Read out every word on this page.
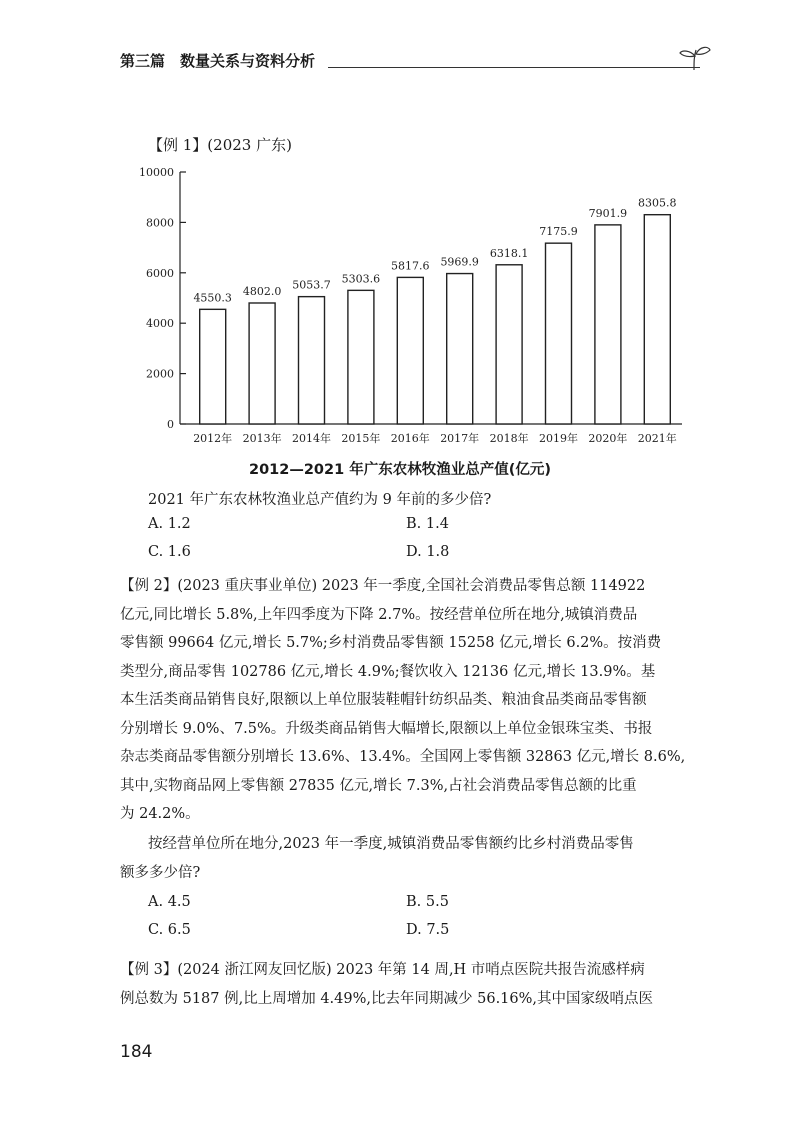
第三篇 数量关系与资料分析
【例 1】(2023 广东)
0
2000
4000
6000
8000
10000
4550.3 4802.0 5053.7 5303.6
5817.6 5969.9
6318.1
7175.9
7901.9
8305.8
2012年 2013年 2014年 2015年 2016年 2017年 2018年 2019年 2020年 2021年
2012—2021 年广东农林牧渔业总产值(亿元)
2021 年广东农林牧渔业总产值约为 9 年前的多少倍?
A. 1.2	B. 1.4
C. 1.6	D. 1.8
【例 2】(2023 重庆事业单位) 2023 年一季度,全国社会消费品零售总额 114922
亿元,同比增长 5.8%,上年四季度为下降 2.7%。按经营单位所在地分,城镇消费品
零售额 99664 亿元,增长 5.7%;乡村消费品零售额 15258 亿元,增长 6.2%。按消费
类型分,商品零售 102786 亿元,增长 4.9%;餐饮收入 12136 亿元,增长 13.9%。基
本生活类商品销售良好,限额以上单位服装鞋帽针纺织品类、粮油食品类商品零售额
分别增长 9.0%、7.5%。升级类商品销售大幅增长,限额以上单位金银珠宝类、书报
杂志类商品零售额分别增长 13.6%、13.4%。全国网上零售额 32863 亿元,增长 8.6%,
其中,实物商品网上零售额 27835 亿元,增长 7.3%,占社会消费品零售总额的比重
为 24.2%。
按经营单位所在地分,2023 年一季度,城镇消费品零售额约比乡村消费品零售
额多多少倍?
A. 4.5	B. 5.5
C. 6.5	D. 7.5
【例 3】(2024 浙江网友回忆版) 2023 年第 14 周,H 市哨点医院共报告流感样病
例总数为 5187 例,比上周增加 4.49%,比去年同期减少 56.16%,其中国家级哨点医
184
